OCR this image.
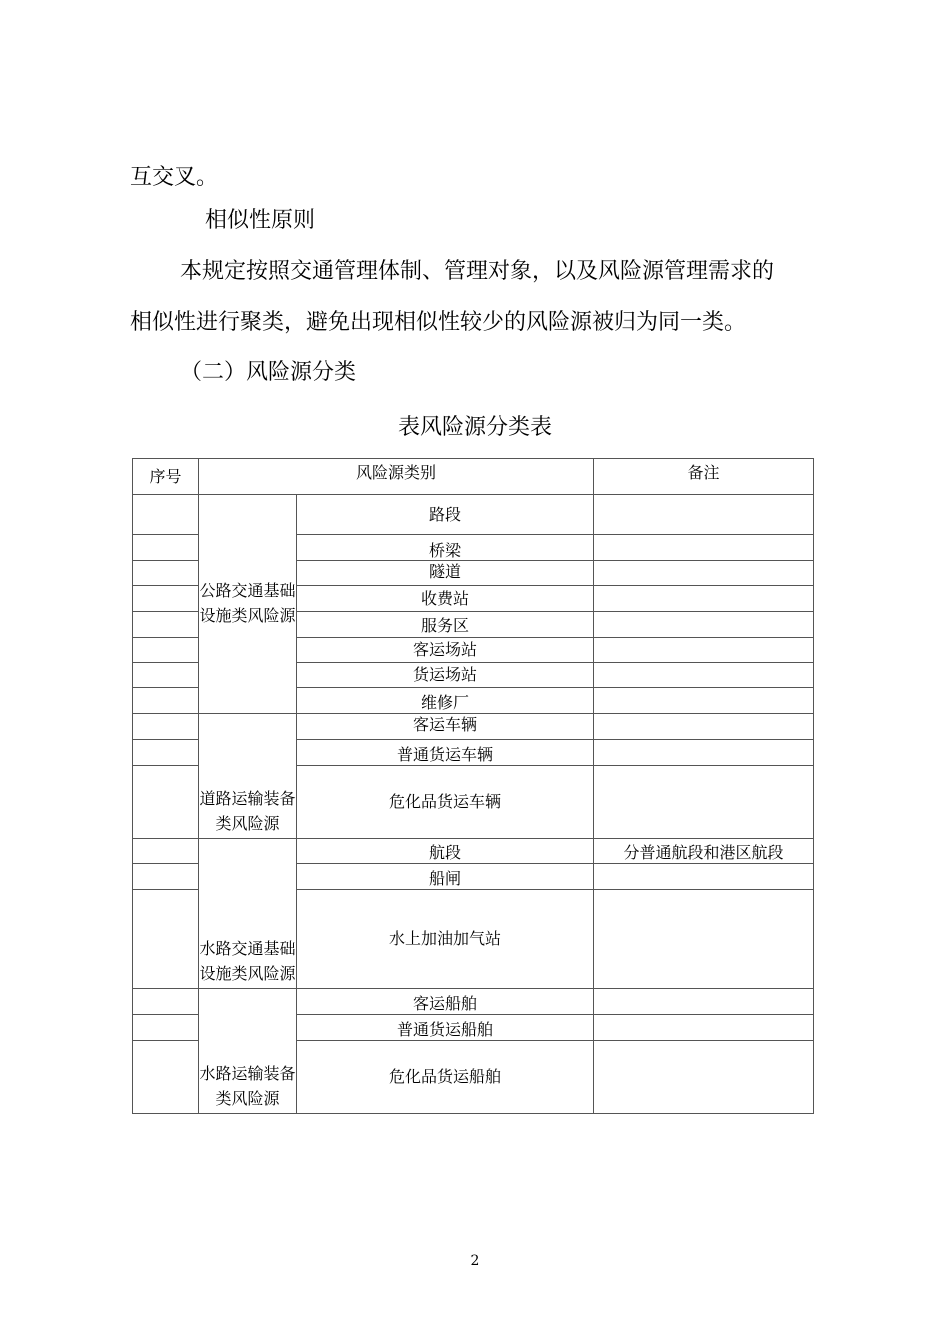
互交叉。

相似性原则

本规定按照交通管理体制、管理对象，以及风险源管理需求的

相似性进行聚类，避免出现相似性较少的风险源被归为同一类。

（二）风险源分类

表风险源分类表
序号	风险源类别		备注
	公路交通基础设施类风险源	路段	
		桥梁	
		隧道	
		收费站	
		服务区	
		客运场站	
		货运场站	
		维修厂	
	道路运输装备类风险源	客运车辆	
		普通货运车辆	
		危化品货运车辆	
	水路交通基础设施类风险源	航段	分普通航段和港区航段
		船闸	
		水上加油加气站	
	水路运输装备类风险源	客运船舶	
		普通货运船舶	
		危化品货运船舶	
2
